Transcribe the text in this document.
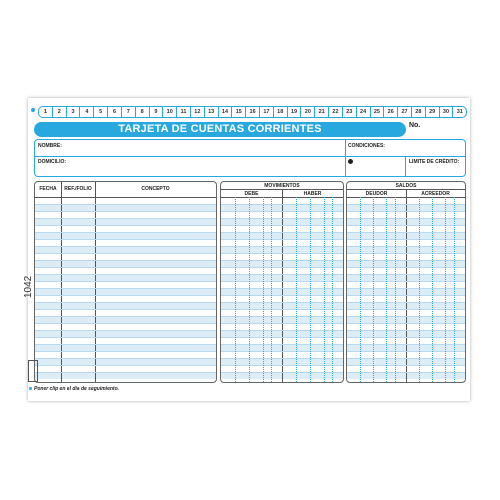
1	2	3	4	5	6	7	8	9	10	11	12	13	14	15	16	17	18	19	20	21	22	23	24	25	26	27	28	29	30	31
TARJETA DE CUENTAS CORRIENTES	No.
NOMBRE:	CONDICIONES:
DOMICILIO:	LIMITE DE CRÉDITO:
FECHA	REF./FOLIO	CONCEPTO	MOVIMIENTOS
DEBE	HABER
SALDOS
DEUDOR	ACREEDOR
Poner clip en el día de seguimiento.
1042
